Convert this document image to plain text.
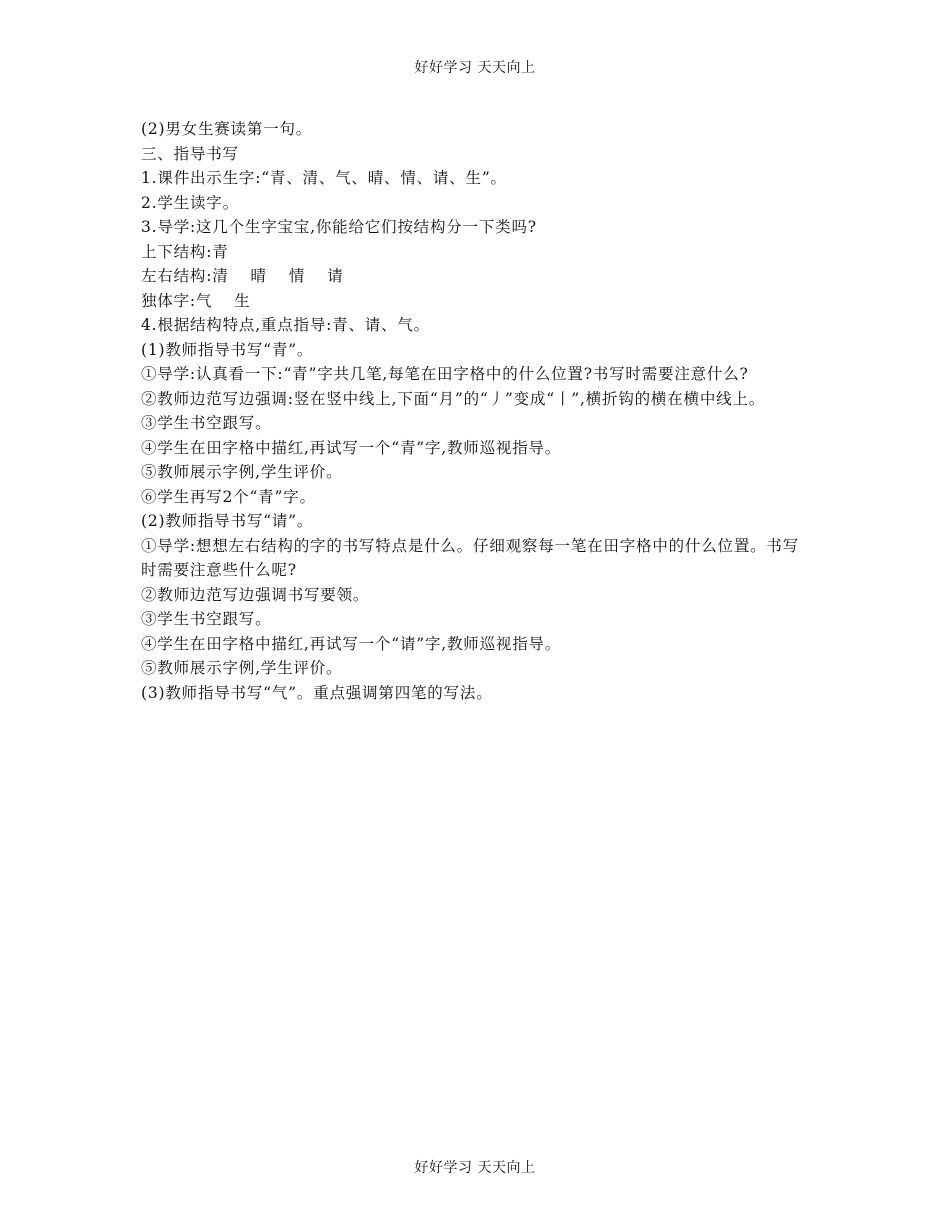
好好学习 天天向上

(2)男女生赛读第一句。

三、指导书写

1.课件出示生字:“青、清、气、晴、情、请、生”。

2.学生读字。

3.导学:这几个生字宝宝,你能给它们按结构分一下类吗?

上下结构:青

左右结构:清　 晴　 情　 请

独体字:气　 生

4.根据结构特点,重点指导:青、请、气。

(1)教师指导书写“青”。

①导学:认真看一下:“青”字共几笔,每笔在田字格中的什么位置?书写时需要注意什么?

②教师边范写边强调:竖在竖中线上,下面“月”的“丿”变成“丨”,横折钩的横在横中线上。

③学生书空跟写。

④学生在田字格中描红,再试写一个“青”字,教师巡视指导。

⑤教师展示字例,学生评价。

⑥学生再写2个“青”字。

(2)教师指导书写“请”。

①导学:想想左右结构的字的书写特点是什么。仔细观察每一笔在田字格中的什么位置。书写时需要注意些什么呢?

②教师边范写边强调书写要领。

③学生书空跟写。

④学生在田字格中描红,再试写一个“请”字,教师巡视指导。

⑤教师展示字例,学生评价。

(3)教师指导书写“气”。重点强调第四笔的写法。

好好学习 天天向上
